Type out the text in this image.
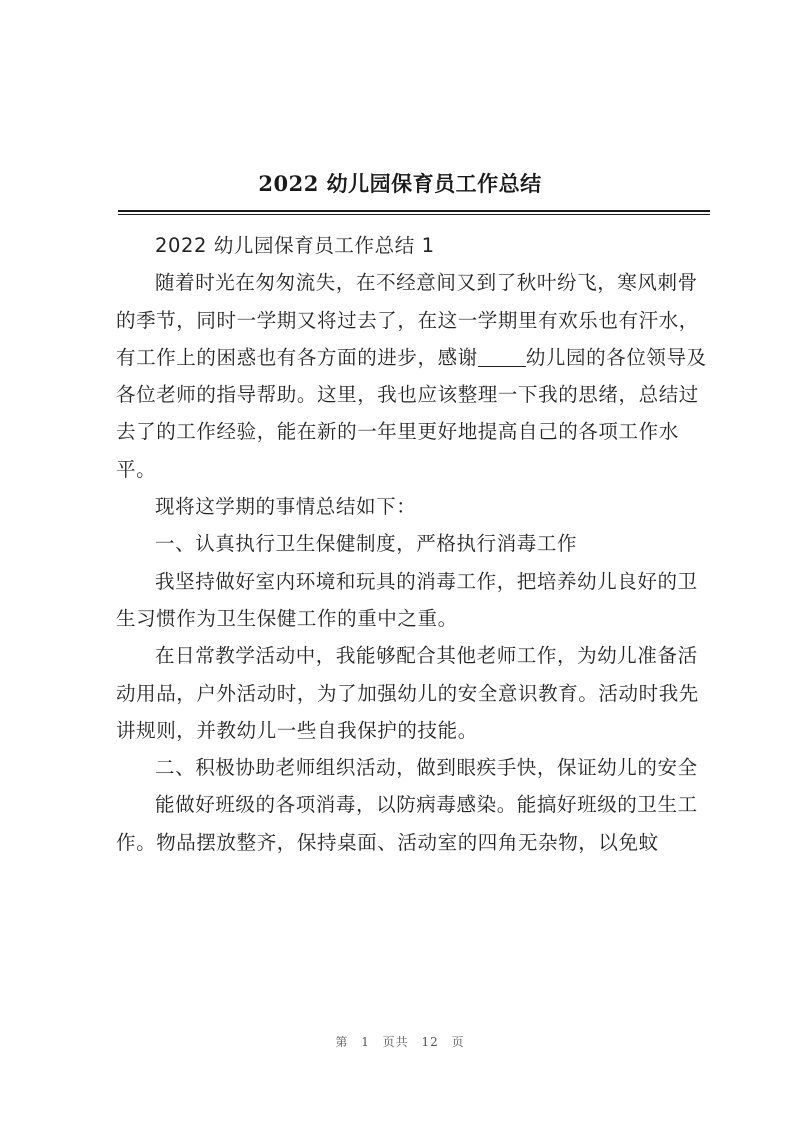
2022 幼儿园保育员工作总结

2022 幼儿园保育员工作总结 1

随着时光在匆匆流失，在不经意间又到了秋叶纷飞，寒风刺骨的季节，同时一学期又将过去了，在这一学期里有欢乐也有汗水，有工作上的困惑也有各方面的进步，感谢 幼儿园的各位领导及各位老师的指导帮助。这里，我也应该整理一下我的思绪，总结过去了的工作经验，能在新的一年里更好地提高自己的各项工作水平。

现将这学期的事情总结如下：

一、认真执行卫生保健制度，严格执行消毒工作

我坚持做好室内环境和玩具的消毒工作，把培养幼儿良好的卫生习惯作为卫生保健工作的重中之重。

在日常教学活动中，我能够配合其他老师工作，为幼儿准备活动用品，户外活动时，为了加强幼儿的安全意识教育。活动时我先讲规则，并教幼儿一些自我保护的技能。

二、积极协助老师组织活动，做到眼疾手快，保证幼儿的安全

能做好班级的各项消毒，以防病毒感染。能搞好班级的卫生工作。物品摆放整齐，保持桌面、活动室的四角无杂物，以免蚊

第 1 页共 12 页
